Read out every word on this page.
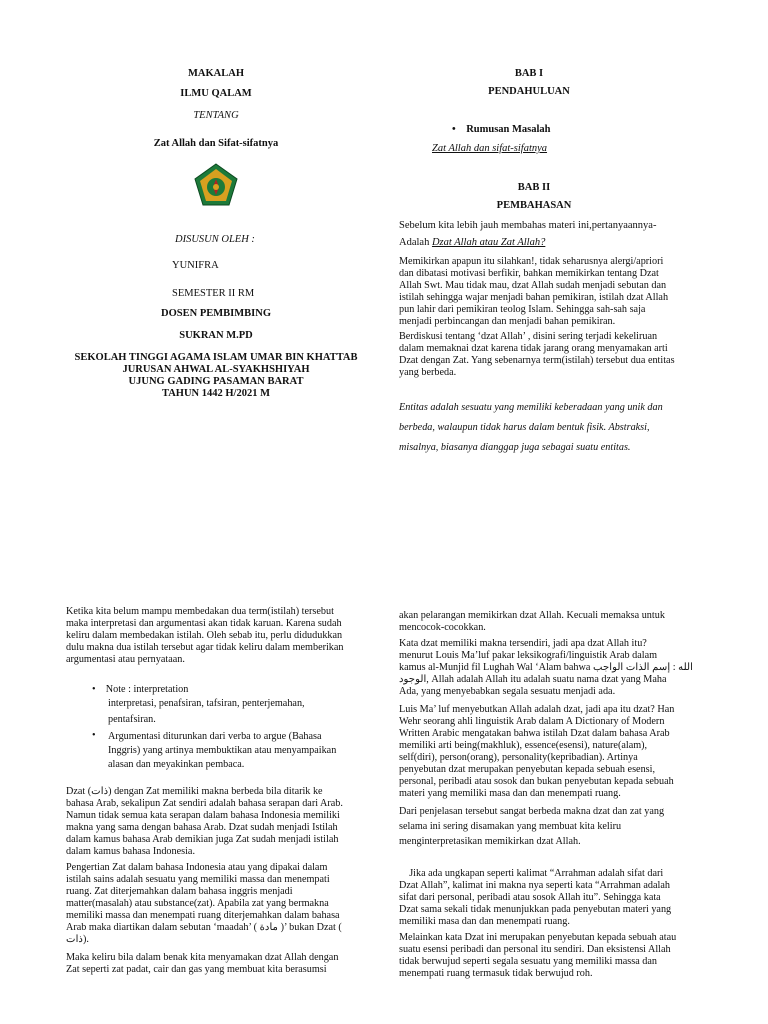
MAKALAH
ILMU QALAM
TENTANG
Zat Allah dan Sifat-sifatnya
DISUSUN OLEH :
YUNIFRA
SEMESTER II RM
DOSEN PEMBIMBING
SUKRAN M.PD
SEKOLAH TINGGI AGAMA ISLAM UMAR BIN KHATTAB
JURUSAN AHWAL AL-SYAKHSHIYAH
UJUNG GADING PASAMAN BARAT
TAHUN 1442 H/2021 M
BAB I
PENDAHULUAN
•    Rumusan Masalah
Zat Allah dan sifat-sifatnya
BAB II
PEMBAHASAN
Sebelum kita lebih jauh membahas materi ini,pertanyaannya-
Adalah Dzat Allah atau Zat Allah?
Memikirkan apapun itu silahkan!, tidak seharusnya alergi/apriori
dan dibatasi motivasi berfikir, bahkan memikirkan tentang Dzat
Allah Swt. Mau tidak mau, dzat Allah sudah menjadi sebutan dan
istilah sehingga wajar menjadi bahan pemikiran, istilah dzat Allah
pun lahir dari pemikiran teolog Islam. Sehingga sah-sah saja
menjadi perbincangan dan menjadi bahan pemikiran.
Berdiskusi tentang ‘dzat Allah’ , disini sering terjadi kekeliruan
dalam memaknai dzat karena tidak jarang orang menyamakan arti
Dzat dengan Zat. Yang sebenarnya term(istilah) tersebut dua entitas
yang berbeda.
Entitas adalah sesuatu yang memiliki keberadaan yang unik dan
berbeda, walaupun tidak harus dalam bentuk fisik. Abstraksi,
misalnya, biasanya dianggap juga sebagai suatu entitas.
Ketika kita belum mampu membedakan dua term(istilah) tersebut
maka interpretasi dan argumentasi akan tidak karuan. Karena sudah
keliru dalam membedakan istilah. Oleh sebab itu, perlu didudukkan
dulu makna dua istilah tersebut agar tidak keliru dalam memberikan
argumentasi atau pernyataan.
•    Note : interpretation
interpretasi, penafsiran, tafsiran, penterjemahan,
pentafsiran.
• Argumentasi diturunkan dari verba to argue (Bahasa
Inggris) yang artinya membuktikan atau menyampaikan
alasan dan meyakinkan pembaca.
Dzat (ذات) dengan Zat memiliki makna berbeda bila ditarik ke
bahasa Arab, sekalipun Zat sendiri adalah bahasa serapan dari Arab.
Namun tidak semua kata serapan dalam bahasa Indonesia memiliki
makna yang sama dengan bahasa Arab. Dzat sudah menjadi Istilah
dalam kamus bahasa Arab demikian juga Zat sudah menjadi istilah
dalam kamus bahasa Indonesia.
Pengertian Zat dalam bahasa Indonesia atau yang dipakai dalam
istilah sains adalah sesuatu yang memiliki massa dan menempati
ruang. Zat diterjemahkan dalam bahasa inggris menjadi
matter(masalah) atau substance(zat). Apabila zat yang bermakna
memiliki massa dan menempati ruang diterjemahkan dalam bahasa
Arab maka diartikan dalam sebutan ‘maadah’ ( مادة )’ bukan Dzat (
ذات).
Maka keliru bila dalam benak kita menyamakan dzat Allah dengan
Zat seperti zat padat, cair dan gas yang membuat kita berasumsi
akan pelarangan memikirkan dzat Allah. Kecuali memaksa untuk
mencocok-cocokkan.
Kata dzat memiliki makna tersendiri, jadi apa dzat Allah itu?
menurut Louis Ma’luf pakar leksikografi/linguistik Arab dalam
kamus al-Munjid fil Lughah Wal ‘Alam bahwa الله : إسم الذات الواجب
الوجود, Allah adalah Allah itu adalah suatu nama dzat yang Maha
Ada, yang menyebabkan segala sesuatu menjadi ada.
Luis Ma’ luf menyebutkan Allah adalah dzat, jadi apa itu dzat? Han
Wehr seorang ahli linguistik Arab dalam A Dictionary of Modern
Written Arabic mengatakan bahwa istilah Dzat dalam bahasa Arab
memiliki arti being(makhluk), essence(esensi), nature(alam),
self(diri), person(orang), personality(kepribadian). Artinya
penyebutan dzat merupakan penyebutan kepada sebuah esensi,
personal, peribadi atau sosok dan bukan penyebutan kepada sebuah
materi yang memiliki masa dan dan menempati ruang.
Dari penjelasan tersebut sangat berbeda makna dzat dan zat yang
selama ini sering disamakan yang membuat kita keliru
menginterpretasikan memikirkan dzat Allah.
Jika ada ungkapan seperti kalimat “Arrahman adalah sifat dari
Dzat Allah”, kalimat ini makna nya seperti kata “Arrahman adalah
sifat dari personal, peribadi atau sosok Allah itu”. Sehingga kata
Dzat sama sekali tidak menunjukkan pada penyebutan materi yang
memiliki masa dan dan menempati ruang.
Melainkan kata Dzat ini merupakan penyebutan kepada sebuah atau
suatu esensi peribadi dan personal itu sendiri. Dan eksistensi Allah
tidak berwujud seperti segala sesuatu yang memiliki massa dan
menempati ruang termasuk tidak berwujud roh.
